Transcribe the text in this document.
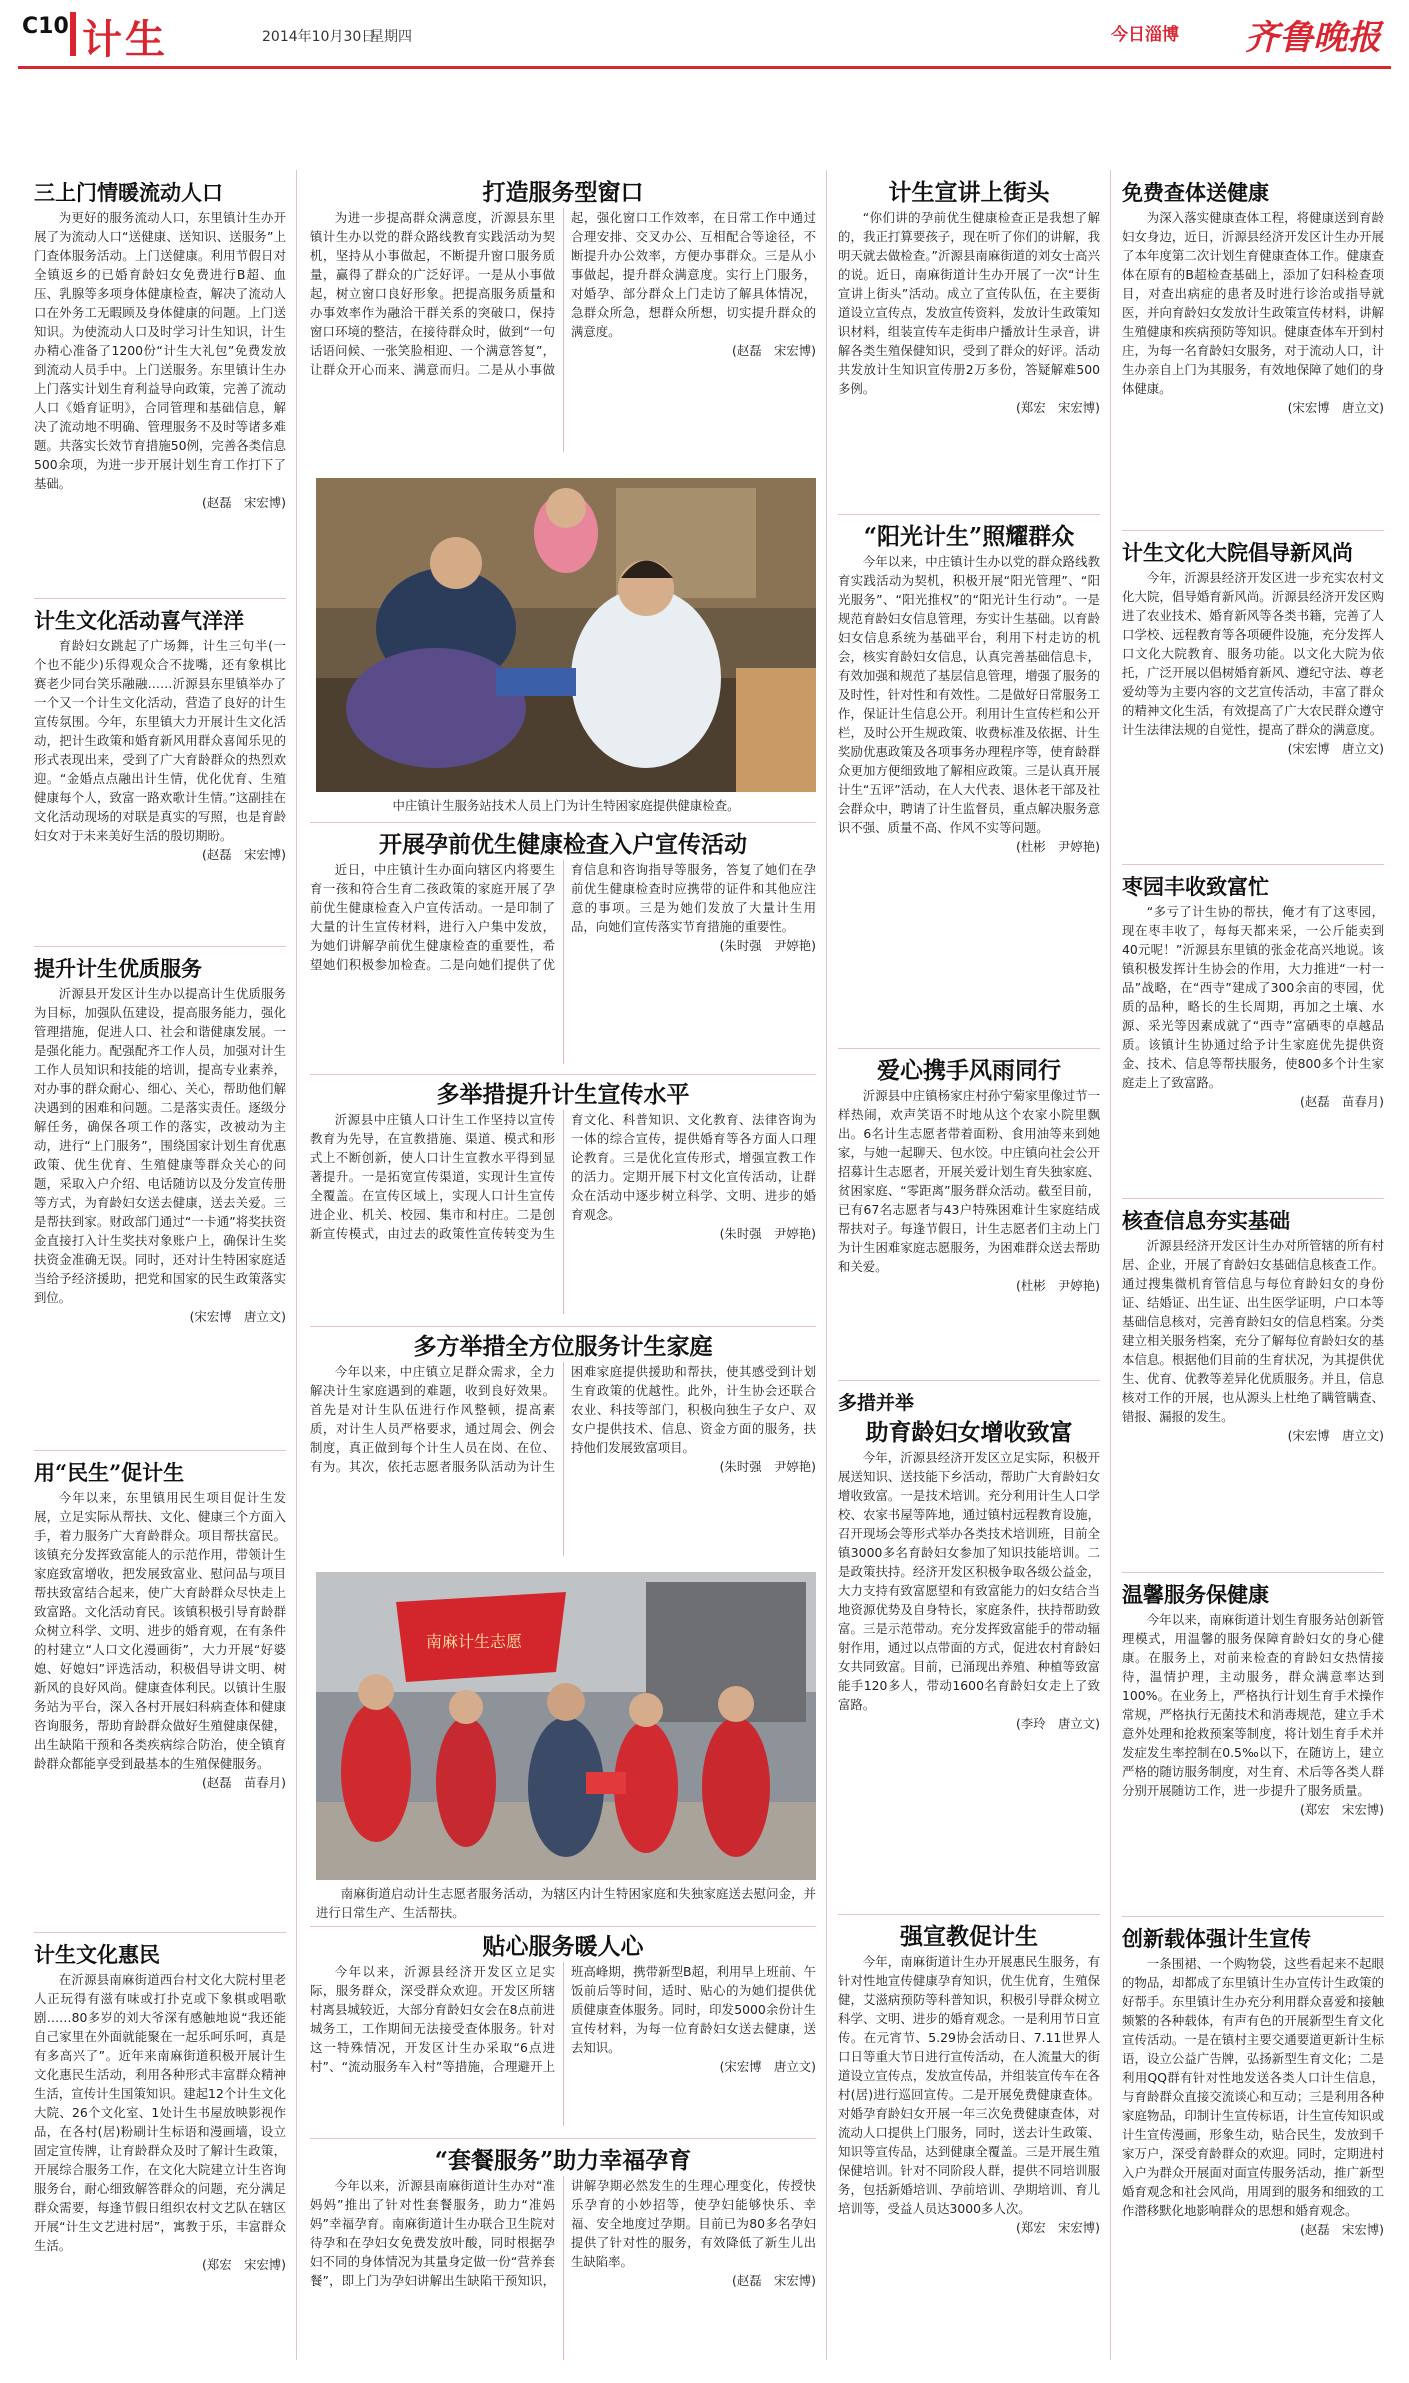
C10 计生	2014年10月30日
星期四	今日淄博 齐鲁晚报
三上门情暖流动人口
为更好的服务流动人口，东里镇计生办开展了为流动人口“送健康、送知识、送服务”上门查体服务活动。上门送健康。利用节假日对全镇返乡的已婚育龄妇女免费进行B超、血压、乳腺等多项身体健康检查，解决了流动人口在外务工无暇顾及身体健康的问题。上门送知识。为使流动人口及时学习计生知识，计生办精心准备了1200份“计生大礼包”免费发放到流动人员手中。上门送服务。东里镇计生办上门落实计划生育利益导向政策，完善了流动人口《婚育证明》，合同管理和基础信息，解决了流动地不明确、管理服务不及时等诸多难题。共落实长效节育措施50例，完善各类信息500余项，为进一步开展计划生育工作打下了基础。
(赵磊　宋宏博)
计生文化活动喜气洋洋
育龄妇女跳起了广场舞，计生三句半(一个也不能少)乐得观众合不拢嘴，还有象棋比赛老少同台笑乐融融……沂源县东里镇举办了一个又一个计生文化活动，营造了良好的计生宣传氛围。今年，东里镇大力开展计生文化活动，把计生政策和婚育新风用群众喜闻乐见的形式表现出来，受到了广大育龄群众的热烈欢迎。“金婚点点融出计生情，优化优育、生殖健康每个人，致富一路欢歌计生情。”这副挂在文化活动现场的对联是真实的写照，也是育龄妇女对于未来美好生活的殷切期盼。
(赵磊　宋宏博)
提升计生优质服务
沂源县开发区计生办以提高计生优质服务为目标，加强队伍建设，提高服务能力，强化管理措施，促进人口、社会和谐健康发展。一是强化能力。配强配齐工作人员，加强对计生工作人员知识和技能的培训，提高专业素养，对办事的群众耐心、细心、关心，帮助他们解决遇到的困难和问题。二是落实责任。逐级分解任务，确保各项工作的落实，改被动为主动，进行“上门服务”，围绕国家计划生育优惠政策、优生优育、生殖健康等群众关心的问题，采取入户介绍、电话随访以及分发宣传册等方式，为育龄妇女送去健康，送去关爱。三是帮扶到家。财政部门通过“一卡通”将奖扶资金直接打入计生奖扶对象账户上，确保计生奖扶资金准确无误。同时，还对计生特困家庭适当给予经济援助，把党和国家的民生政策落实到位。
(宋宏博　唐立文)
用“民生”促计生
今年以来，东里镇用民生项目促计生发展，立足实际从帮扶、文化、健康三个方面入手，着力服务广大育龄群众。项目帮扶富民。该镇充分发挥致富能人的示范作用，带领计生家庭致富增收，把发展致富业、慰问品与项目帮扶致富结合起来，使广大育龄群众尽快走上致富路。文化活动育民。该镇积极引导育龄群众树立科学、文明、进步的婚育观，在有条件的村建立“人口文化漫画街”，大力开展“好婆媳、好媳妇”评选活动，积极倡导讲文明、树新风的良好风尚。健康查体利民。以镇计生服务站为平台，深入各村开展妇科病查体和健康咨询服务，帮助育龄群众做好生殖健康保健，出生缺陷干预和各类疾病综合防治，使全镇育龄群众都能享受到最基本的生殖保健服务。
(赵磊　苗春月)
计生文化惠民
在沂源县南麻街道西台村文化大院村里老人正玩得有滋有味或打扑克或下象棋或唱歌剧……80多岁的刘大爷深有感触地说“我还能自己家里在外面就能聚在一起乐呵乐呵，真是有多高兴了”。近年来南麻街道积极开展计生文化惠民生活动，利用各种形式丰富群众精神生活，宣传计生国策知识。建起12个计生文化大院、26个文化室、1处计生书屋放映影视作品，在各村(居)粉刷计生标语和漫画墙，设立固定宣传牌，让育龄群众及时了解计生政策，开展综合服务工作，在文化大院建立计生咨询服务台，耐心细致解答群众的问题，充分满足群众需要，每逢节假日组织农村文艺队在辖区开展“计生文艺进村居”，寓教于乐，丰富群众生活。
(郑宏　宋宏博)
打造服务型窗口
为进一步提高群众满意度，沂源县东里镇计生办以党的群众路线教育实践活动为契机，坚持从小事做起，不断提升窗口服务质量，赢得了群众的广泛好评。一是从小事做起，树立窗口良好形象。把提高服务质量和办事效率作为融洽干群关系的突破口，保持窗口环境的整洁，在接待群众时，做到“一句话语问候、一张笑脸相迎、一个满意答复”，让群众开心而来、满意而归。二是从小事做起，强化窗口工作效率，在日常工作中通过合理安排、交叉办公、互相配合等途径，不断提升办公效率，方便办事群众。三是从小事做起，提升群众满意度。实行上门服务，对婚孕、部分群众上门走访了解具体情况，急群众所急，想群众所想，切实提升群众的满意度。
(赵磊　宋宏博)
中庄镇计生服务站技术人员上门为计生特困家庭提供健康检查。
开展孕前优生健康检查入户宣传活动
近日，中庄镇计生办面向辖区内将要生育一孩和符合生育二孩政策的家庭开展了孕前优生健康检查入户宣传活动。一是印制了大量的计生宣传材料，进行入户集中发放，为她们讲解孕前优生健康检查的重要性，希望她们积极参加检查。二是向她们提供了优育信息和咨询指导等服务，答复了她们在孕前优生健康检查时应携带的证件和其他应注意的事项。三是为她们发放了大量计生用品，向她们宣传落实节育措施的重要性。
(朱时强　尹婷艳)
多举措提升计生宣传水平
沂源县中庄镇人口计生工作坚持以宣传教育为先导，在宣教措施、渠道、模式和形式上不断创新，使人口计生宣教水平得到显著提升。一是拓宽宣传渠道，实现计生宣传全覆盖。在宣传区域上，实现人口计生宣传进企业、机关、校园、集市和村庄。二是创新宣传模式，由过去的政策性宣传转变为生育文化、科普知识、文化教育、法律咨询为一体的综合宣传，提供婚育等各方面人口理论教育。三是优化宣传形式，增强宣教工作的活力。定期开展下村文化宣传活动，让群众在活动中逐步树立科学、文明、进步的婚育观念。
(朱时强　尹婷艳)
多方举措全方位服务计生家庭
今年以来，中庄镇立足群众需求，全力解决计生家庭遇到的难题，收到良好效果。首先是对计生队伍进行作风整顿，提高素质，对计生人员严格要求，通过周会、例会制度，真正做到每个计生人员在岗、在位、有为。其次，依托志愿者服务队活动为计生困难家庭提供援助和帮扶，使其感受到计划生育政策的优越性。此外，计生协会还联合农业、科技等部门，积极向独生子女户、双女户提供技术、信息、资金方面的服务，扶持他们发展致富项目。
(朱时强　尹婷艳)
南麻计生志愿
南麻街道启动计生志愿者服务活动，为辖区内计生特困家庭和失独家庭送去慰问金，并进行日常生产、生活帮扶。
贴心服务暖人心
今年以来，沂源县经济开发区立足实际，服务群众，深受群众欢迎。开发区所辖村离县城较近，大部分育龄妇女会在8点前进城务工，工作期间无法接受查体服务。针对这一特殊情况，开发区计生办采取“6点进村”、“流动服务车入村”等措施，合理避开上班高峰期，携带新型B超，利用早上班前、午饭前后等时间，适时、贴心的为她们提供优质健康查体服务。同时，印发5000余份计生宣传材料，为每一位育龄妇女送去健康，送去知识。
(宋宏博　唐立文)
“套餐服务”助力幸福孕育
今年以来，沂源县南麻街道计生办对“准妈妈”推出了针对性套餐服务，助力“准妈妈”幸福孕育。南麻街道计生办联合卫生院对待孕和在孕妇女免费发放叶酸，同时根据孕妇不同的身体情况为其量身定做一份“营养套餐”，即上门为孕妇讲解出生缺陷干预知识，讲解孕期必然发生的生理心理变化，传授快乐孕育的小妙招等，使孕妇能够快乐、幸福、安全地度过孕期。目前已为80多名孕妇提供了针对性的服务，有效降低了新生儿出生缺陷率。
(赵磊　宋宏博)
计生宣讲上街头
“你们讲的孕前优生健康检查正是我想了解的，我正打算要孩子，现在听了你们的讲解，我明天就去做检查。”沂源县南麻街道的刘女士高兴的说。近日，南麻街道计生办开展了一次“计生宣讲上街头”活动。成立了宣传队伍，在主要街道设立宣传点，发放宣传资料，发放计生政策知识材料，组装宣传车走街串户播放计生录音，讲解各类生殖保健知识，受到了群众的好评。活动共发放计生知识宣传册2万多份，答疑解难500多例。
(郑宏　宋宏博)
“阳光计生”照耀群众
今年以来，中庄镇计生办以党的群众路线教育实践活动为契机，积极开展“阳光管理”、“阳光服务”、“阳光推权”的“阳光计生行动”。一是规范育龄妇女信息管理，夯实计生基础。以育龄妇女信息系统为基础平台，利用下村走访的机会，核实育龄妇女信息，认真完善基础信息卡，有效加强和规范了基层信息管理，增强了服务的及时性，针对性和有效性。二是做好日常服务工作，保证计生信息公开。利用计生宣传栏和公开栏，及时公开生规政策、收费标准及依据、计生奖励优惠政策及各项事务办理程序等，使育龄群众更加方便细致地了解相应政策。三是认真开展计生“五评”活动，在人大代表、退休老干部及社会群众中，聘请了计生监督员，重点解决服务意识不强、质量不高、作风不实等问题。
(杜彬　尹婷艳)
爱心携手风雨同行
沂源县中庄镇杨家庄村孙宁菊家里像过节一样热闹，欢声笑语不时地从这个农家小院里飘出。6名计生志愿者带着面粉、食用油等来到她家，与她一起聊天、包水饺。中庄镇向社会公开招募计生志愿者，开展关爱计划生育失独家庭、贫困家庭、“零距离”服务群众活动。截至目前，已有67名志愿者与43户特殊困难计生家庭结成帮扶对子。每逢节假日，计生志愿者们主动上门为计生困难家庭志愿服务，为困难群众送去帮助和关爱。
(杜彬　尹婷艳)
多措并举
助育龄妇女增收致富
今年，沂源县经济开发区立足实际，积极开展送知识、送技能下乡活动，帮助广大育龄妇女增收致富。一是技术培训。充分利用计生人口学校、农家书屋等阵地，通过镇村远程教育设施，召开现场会等形式举办各类技术培训班，目前全镇3000多名育龄妇女参加了知识技能培训。二是政策扶持。经济开发区积极争取各级公益金，大力支持有致富愿望和有致富能力的妇女结合当地资源优势及自身特长，家庭条件，扶持帮助致富。三是示范带动。充分发挥致富能手的带动辐射作用，通过以点带面的方式，促进农村育龄妇女共同致富。目前，已涌现出养殖、种植等致富能手120多人，带动1600名育龄妇女走上了致富路。
(李玲　唐立文)
强宣教促计生
今年，南麻街道计生办开展惠民生服务，有针对性地宣传健康孕育知识，优生优育，生殖保健，艾滋病预防等科普知识，积极引导群众树立科学、文明、进步的婚育观念。一是利用节日宣传。在元宵节、5.29协会活动日、7.11世界人口日等重大节日进行宣传活动，在人流量大的街道设立宣传点，发放宣传品，并组装宣传车在各村(居)进行巡回宣传。二是开展免费健康查体。对婚孕育龄妇女开展一年三次免费健康查体，对流动人口提供上门服务，同时，送去计生政策、知识等宣传品，达到健康全覆盖。三是开展生殖保健培训。针对不同阶段人群，提供不同培训服务，包括新婚培训、孕前培训、孕期培训、育儿培训等，受益人员达3000多人次。
(郑宏　宋宏博)
免费查体送健康
为深入落实健康查体工程，将健康送到育龄妇女身边，近日，沂源县经济开发区计生办开展了本年度第二次计划生育健康查体工作。健康查体在原有的B超检查基础上，添加了妇科检查项目，对查出病症的患者及时进行诊治或指导就医，并向育龄妇女发放计生政策宣传材料，讲解生殖健康和疾病预防等知识。健康查体车开到村庄，为每一名育龄妇女服务，对于流动人口，计生办亲自上门为其服务，有效地保障了她们的身体健康。
(宋宏博　唐立文)
计生文化大院倡导新风尚
今年，沂源县经济开发区进一步充实农村文化大院，倡导婚育新风尚。沂源县经济开发区购进了农业技术、婚育新风等各类书籍，完善了人口学校、远程教育等各项硬件设施，充分发挥人口文化大院教育、服务功能。以文化大院为依托，广泛开展以倡树婚育新风、遵纪守法、尊老爱幼等为主要内容的文艺宣传活动，丰富了群众的精神文化生活，有效提高了广大农民群众遵守计生法律法规的自觉性，提高了群众的满意度。
(宋宏博　唐立文)
枣园丰收致富忙
“多亏了计生协的帮扶，俺才有了这枣园，现在枣丰收了，每每天都来采，一公斤能卖到40元呢！”沂源县东里镇的张金花高兴地说。该镇积极发挥计生协会的作用，大力推进“一村一品”战略，在“西寺”建成了300余亩的枣园，优质的品种，略长的生长周期，再加之土壤、水源、采光等因素成就了“西寺”富硒枣的卓越品质。该镇计生协通过给予计生家庭优先提供资金、技术、信息等帮扶服务，使800多个计生家庭走上了致富路。
(赵磊　苗春月)
核查信息夯实基础
沂源县经济开发区计生办对所管辖的所有村居、企业，开展了育龄妇女基础信息核查工作。通过搜集微机育管信息与每位育龄妇女的身份证、结婚证、出生证、出生医学证明，户口本等基础信息核对，完善育龄妇女的信息档案。分类建立相关服务档案，充分了解每位育龄妇女的基本信息。根据他们目前的生育状况，为其提供优生、优育、优教等差异化优质服务。并且，信息核对工作的开展，也从源头上杜绝了瞒管瞒查、错报、漏报的发生。
(宋宏博　唐立文)
温馨服务保健康
今年以来，南麻街道计划生育服务站创新管理模式，用温馨的服务保障育龄妇女的身心健康。在服务上，对前来检查的育龄妇女热情接待，温情护理，主动服务，群众满意率达到100%。在业务上，严格执行计划生育手术操作常规，严格执行无菌技术和消毒规范，建立手术意外处理和抢救预案等制度，将计划生育手术并发症发生率控制在0.5‰以下，在随访上，建立严格的随访服务制度，对生育、术后等各类人群分别开展随访工作，进一步提升了服务质量。
(郑宏　宋宏博)
创新载体强计生宣传
一条围裙、一个购物袋，这些看起来不起眼的物品，却都成了东里镇计生办宣传计生政策的好帮手。东里镇计生办充分利用群众喜爱和接触频繁的各种载体，有声有色的开展新型生育文化宣传活动。一是在镇村主要交通要道更新计生标语，设立公益广告牌，弘扬新型生育文化；二是利用QQ群有针对性地发送各类人口计生信息，与育龄群众直接交流谈心和互动；三是利用各种家庭物品，印制计生宣传标语，计生宣传知识或计生宣传漫画，形象生动，贴合民生，发放到千家万户，深受育龄群众的欢迎。同时，定期进村入户为群众开展面对面宣传服务活动，推广新型婚育观念和社会风尚，用周到的服务和细致的工作潜移默化地影响群众的思想和婚育观念。
(赵磊　宋宏博)
